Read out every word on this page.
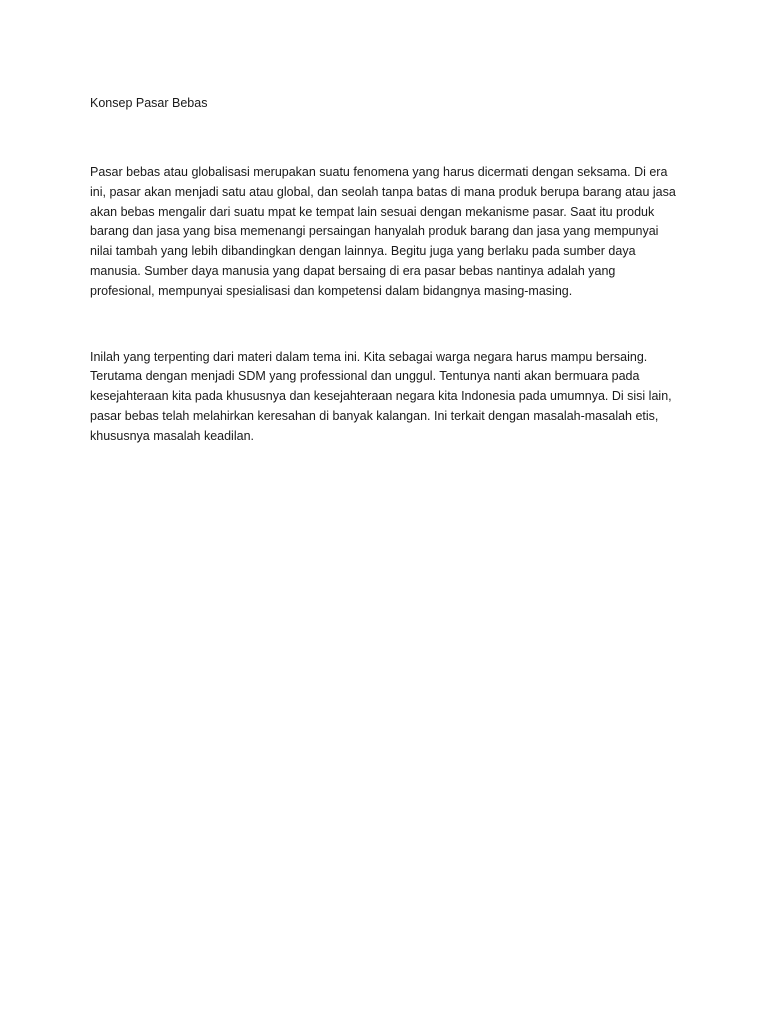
Konsep Pasar Bebas

Pasar bebas atau globalisasi merupakan suatu fenomena yang harus dicermati dengan seksama. Di era ini, pasar akan menjadi satu atau global, dan seolah tanpa batas di mana produk berupa barang atau jasa akan bebas mengalir dari suatu mpat ke tempat lain sesuai dengan mekanisme pasar. Saat itu produk barang dan jasa yang bisa memenangi persaingan hanyalah produk barang dan jasa yang mempunyai nilai tambah yang lebih dibandingkan dengan lainnya. Begitu juga yang berlaku pada sumber daya manusia. Sumber daya manusia yang dapat bersaing di era pasar bebas nantinya adalah yang profesional, mempunyai spesialisasi dan kompetensi dalam bidangnya masing-masing.

Inilah yang terpenting dari materi dalam tema ini. Kita sebagai warga negara harus mampu bersaing. Terutama dengan menjadi SDM yang professional dan unggul. Tentunya nanti akan bermuara pada kesejahteraan kita pada khususnya dan kesejahteraan negara kita Indonesia pada umumnya. Di sisi lain, pasar bebas telah melahirkan keresahan di banyak kalangan. Ini terkait dengan masalah-masalah etis, khususnya masalah keadilan.
